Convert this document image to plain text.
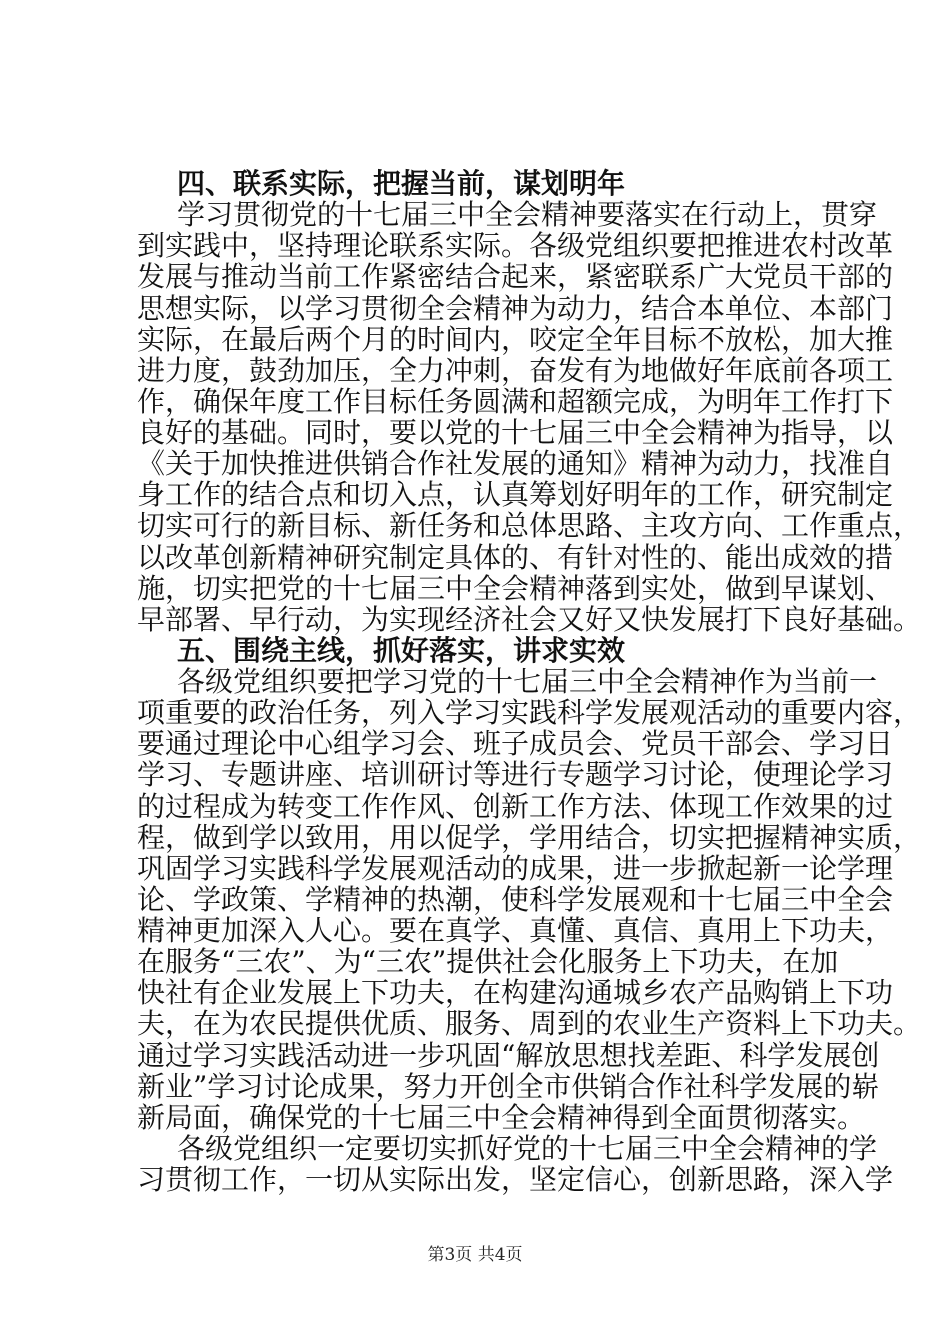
四、联系实际，把握当前，谋划明年

学习贯彻党的十七届三中全会精神要落实在行动上，贯穿

到实践中，坚持理论联系实际。各级党组织要把推进农村改革

发展与推动当前工作紧密结合起来，紧密联系广大党员干部的

思想实际，以学习贯彻全会精神为动力，结合本单位、本部门

实际，在最后两个月的时间内，咬定全年目标不放松，加大推

进力度，鼓劲加压，全力冲刺，奋发有为地做好年底前各项工

作，确保年度工作目标任务圆满和超额完成，为明年工作打下

良好的基础。同时，要以党的十七届三中全会精神为指导，以

《关于加快推进供销合作社发展的通知》精神为动力，找准自

身工作的结合点和切入点，认真筹划好明年的工作，研究制定

切实可行的新目标、新任务和总体思路、主攻方向、工作重点，

以改革创新精神研究制定具体的、有针对性的、能出成效的措

施，切实把党的十七届三中全会精神落到实处，做到早谋划、

早部署、早行动，为实现经济社会又好又快发展打下良好基础。

五、围绕主线，抓好落实，讲求实效

各级党组织要把学习党的十七届三中全会精神作为当前一

项重要的政治任务，列入学习实践科学发展观活动的重要内容，

要通过理论中心组学习会、班子成员会、党员干部会、学习日

学习、专题讲座、培训研讨等进行专题学习讨论，使理论学习

的过程成为转变工作作风、创新工作方法、体现工作效果的过

程，做到学以致用，用以促学，学用结合，切实把握精神实质，

巩固学习实践科学发展观活动的成果，进一步掀起新一论学理

论、学政策、学精神的热潮，使科学发展观和十七届三中全会

精神更加深入人心。要在真学、真懂、真信、真用上下功夫，

在服务“三农”、为“三农”提供社会化服务上下功夫，在加

快社有企业发展上下功夫，在构建沟通城乡农产品购销上下功

夫，在为农民提供优质、服务、周到的农业生产资料上下功夫。

通过学习实践活动进一步巩固“解放思想找差距、科学发展创

新业”学习讨论成果，努力开创全市供销合作社科学发展的崭

新局面，确保党的十七届三中全会精神得到全面贯彻落实。

各级党组织一定要切实抓好党的十七届三中全会精神的学

习贯彻工作，一切从实际出发，坚定信心，创新思路，深入学

第3页 共4页
